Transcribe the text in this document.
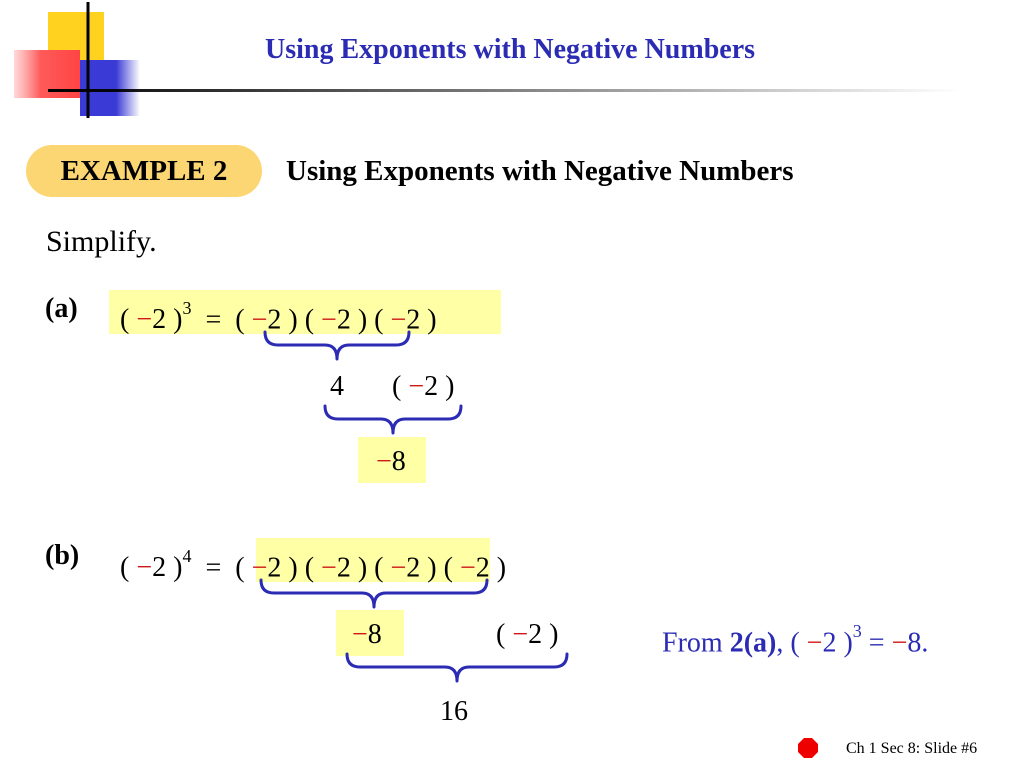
Using Exponents with Negative Numbers
EXAMPLE 2	Using Exponents with Negative Numbers
Simplify.
(a) ( −2 )$^3$ = ( −2 ) ( −2 ) ( −2 )
4 ( −2 )
−8
(b) ( −2 )$^4$ = ( −2 ) ( −2 ) ( −2 ) ( −2 )
−8	( −2 )
16
From 2(a), ( −2 )$^3$ = −8.
Ch 1 Sec 8: Slide #6
